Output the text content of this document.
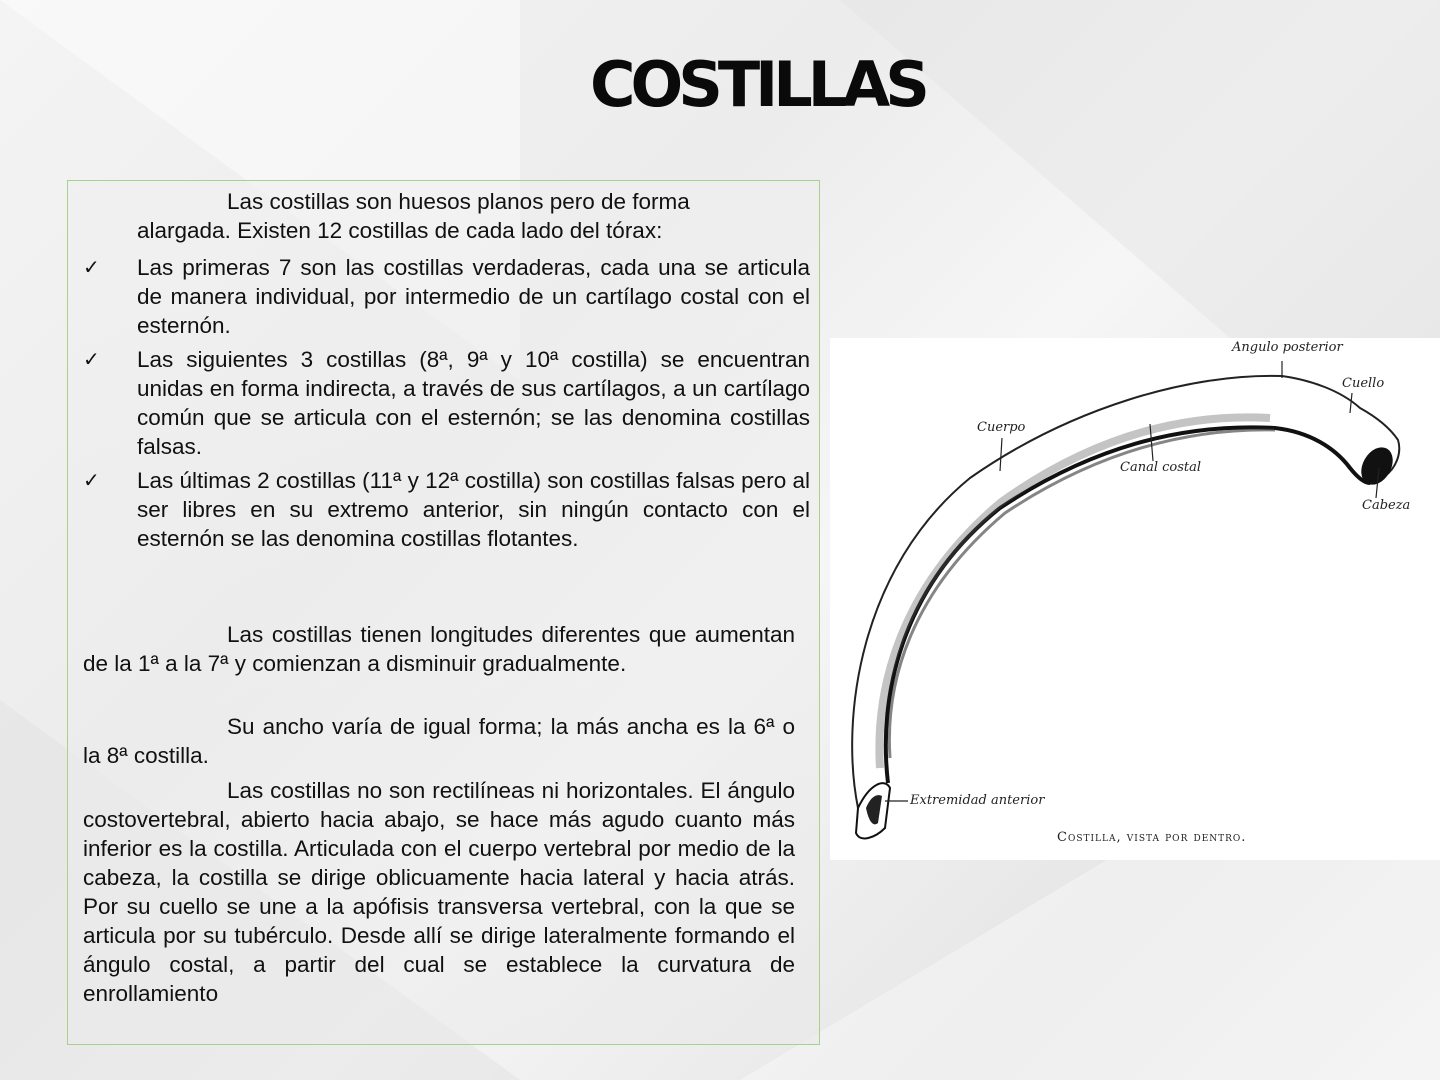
COSTILLAS

Las costillas son huesos planos pero de forma
alargada. Existen 12 costillas de cada lado del tórax:

✓ Las primeras 7 son las costillas verdaderas, cada una se articula de manera individual, por intermedio de un cartílago costal con el esternón.

✓ Las siguientes 3 costillas (8ª, 9ª y 10ª costilla) se encuentran unidas en forma indirecta, a través de sus cartílagos, a un cartílago común que se articula con el esternón; se las denomina costillas falsas.

✓ Las últimas 2 costillas (11ª y 12ª costilla) son costillas falsas pero al ser libres en su extremo anterior, sin ningún contacto con el esternón se las denomina costillas flotantes.

Las costillas tienen longitudes diferentes que aumentan de la 1ª a la 7ª y comienzan a disminuir gradualmente.

Su ancho varía de igual forma; la más ancha es la 6ª o la 8ª costilla.

Las costillas no son rectilíneas ni horizontales. El ángulo costovertebral, abierto hacia abajo, se hace más agudo cuanto más inferior es la costilla. Articulada con el cuerpo vertebral por medio de la cabeza, la costilla se dirige oblicuamente hacia lateral y hacia atrás. Por su cuello se une a la apófisis transversa vertebral, con la que se articula por su tubérculo. Desde allí se dirige lateralmente formando el ángulo costal, a partir del cual se establece la curvatura de enrollamiento

Angulo posterior
Cuello
Cuerpo
Canal costal
Cabeza
Extremidad anterior
Costilla, vista por dentro.
